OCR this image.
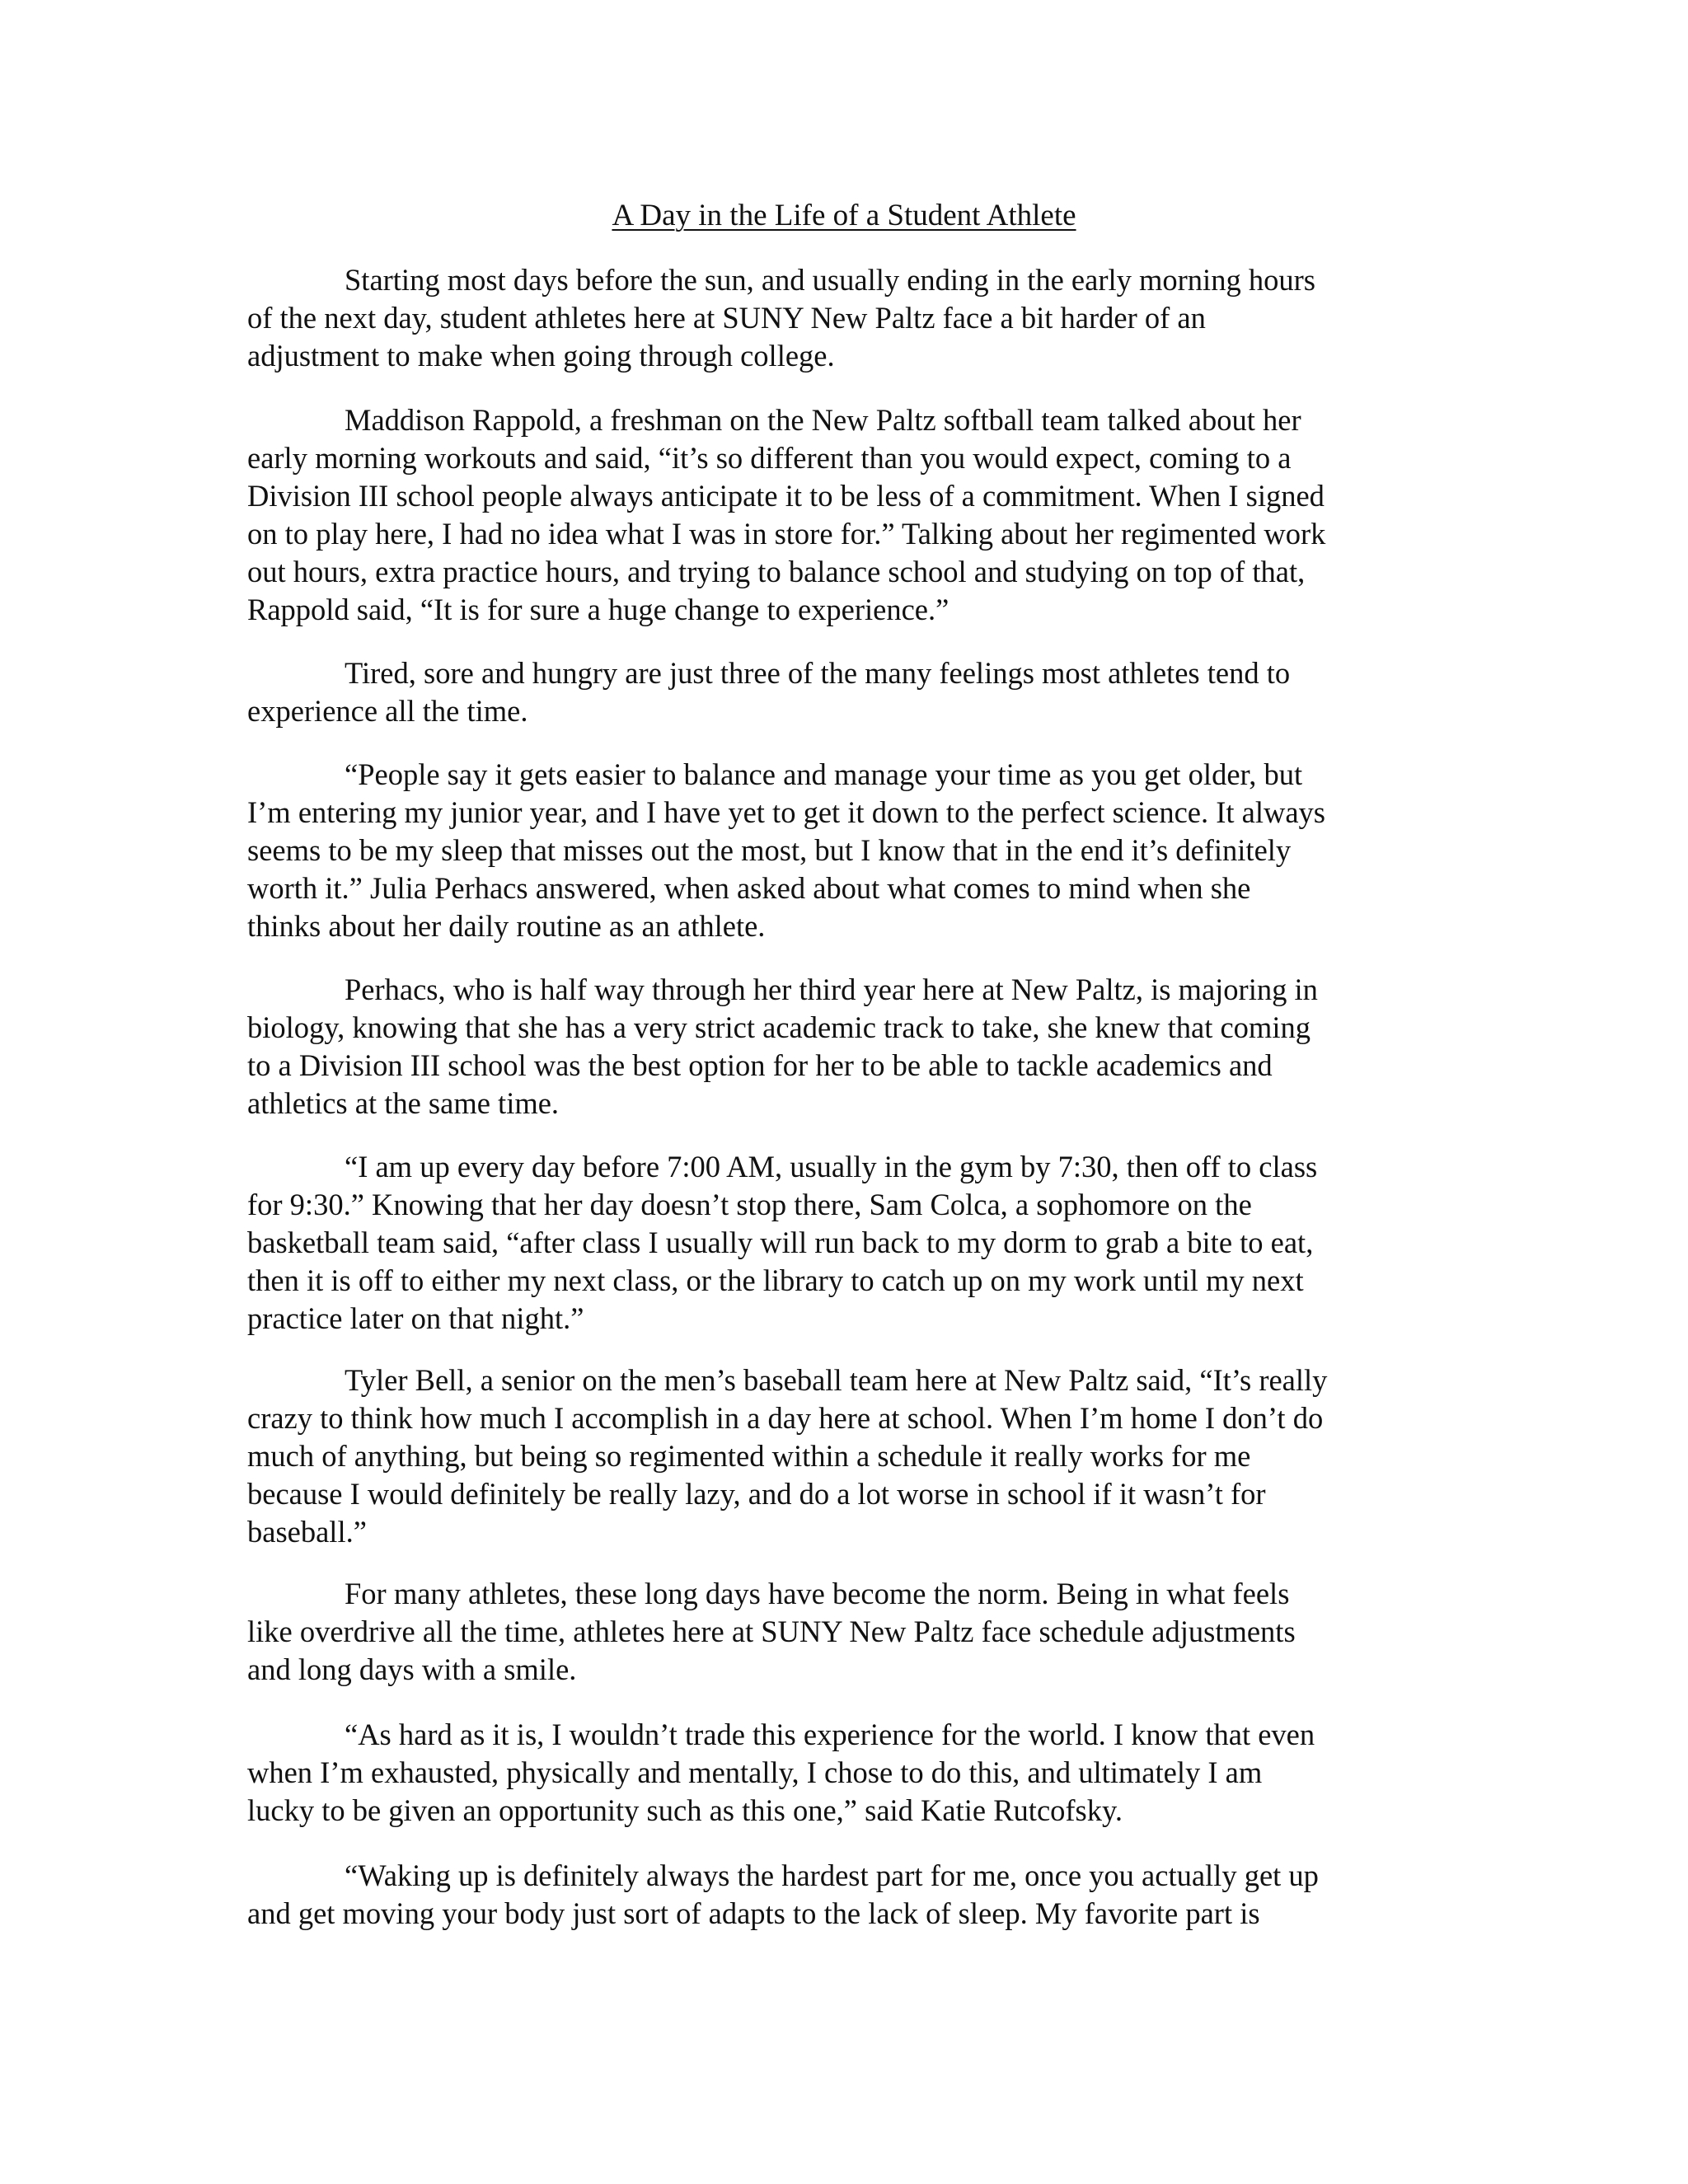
A Day in the Life of a Student Athlete

Starting most days before the sun, and usually ending in the early morning hours
of the next day, student athletes here at SUNY New Paltz face a bit harder of an
adjustment to make when going through college.

Maddison Rappold, a freshman on the New Paltz softball team talked about her
early morning workouts and said, “it’s so different than you would expect, coming to a
Division III school people always anticipate it to be less of a commitment. When I signed
on to play here, I had no idea what I was in store for.” Talking about her regimented work
out hours, extra practice hours, and trying to balance school and studying on top of that,
Rappold said, “It is for sure a huge change to experience.”

Tired, sore and hungry are just three of the many feelings most athletes tend to
experience all the time.

“People say it gets easier to balance and manage your time as you get older, but
I’m entering my junior year, and I have yet to get it down to the perfect science. It always
seems to be my sleep that misses out the most, but I know that in the end it’s definitely
worth it.” Julia Perhacs answered, when asked about what comes to mind when she
thinks about her daily routine as an athlete.

Perhacs, who is half way through her third year here at New Paltz, is majoring in
biology, knowing that she has a very strict academic track to take, she knew that coming
to a Division III school was the best option for her to be able to tackle academics and
athletics at the same time.

“I am up every day before 7:00 AM, usually in the gym by 7:30, then off to class
for 9:30.” Knowing that her day doesn’t stop there, Sam Colca, a sophomore on the
basketball team said, “after class I usually will run back to my dorm to grab a bite to eat,
then it is off to either my next class, or the library to catch up on my work until my next
practice later on that night.”

Tyler Bell, a senior on the men’s baseball team here at New Paltz said, “It’s really
crazy to think how much I accomplish in a day here at school. When I’m home I don’t do
much of anything, but being so regimented within a schedule it really works for me
because I would definitely be really lazy, and do a lot worse in school if it wasn’t for
baseball.”

For many athletes, these long days have become the norm. Being in what feels
like overdrive all the time, athletes here at SUNY New Paltz face schedule adjustments
and long days with a smile.

“As hard as it is, I wouldn’t trade this experience for the world. I know that even
when I’m exhausted, physically and mentally, I chose to do this, and ultimately I am
lucky to be given an opportunity such as this one,” said Katie Rutcofsky.

“Waking up is definitely always the hardest part for me, once you actually get up
and get moving your body just sort of adapts to the lack of sleep. My favorite part is
